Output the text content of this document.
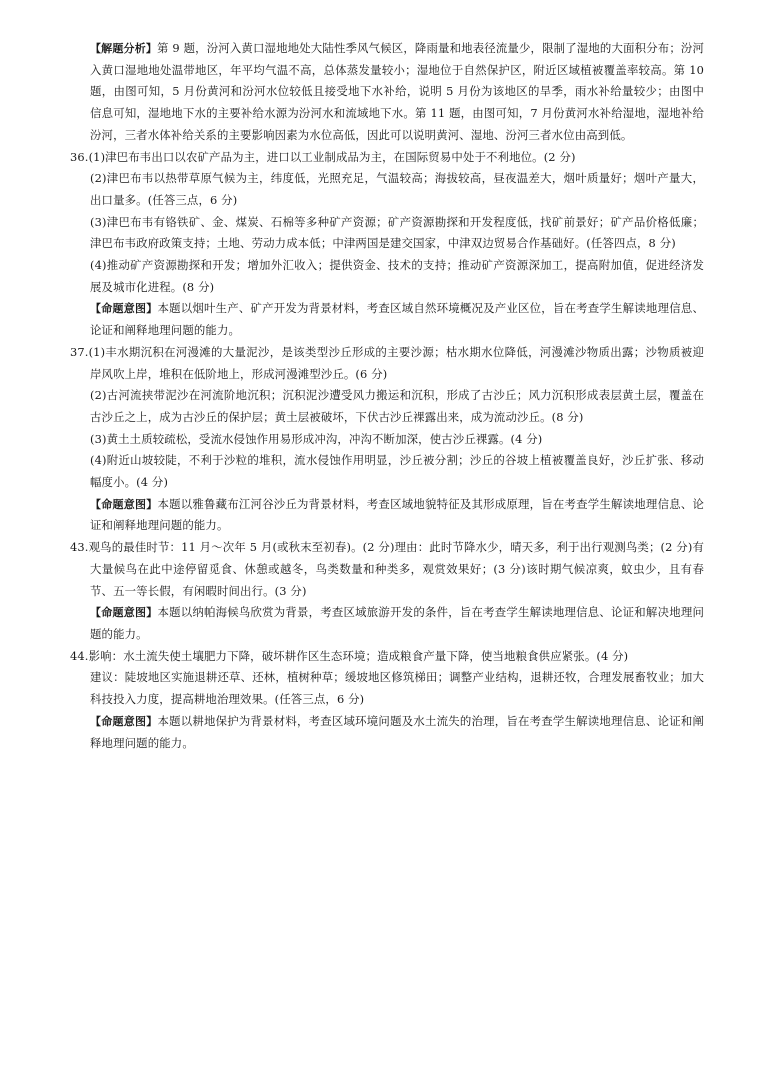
【解题分析】第 9 题，汾河入黄口湿地地处大陆性季风气候区，降雨量和地表径流量少，限制了湿地的大面积分布；汾河入黄口湿地地处温带地区，年平均气温不高，总体蒸发量较小；湿地位于自然保护区，附近区域植被覆盖率较高。第 10 题，由图可知，5 月份黄河和汾河水位较低且接受地下水补给，说明 5 月份为该地区的旱季，雨水补给量较少；由图中信息可知，湿地地下水的主要补给水源为汾河水和流域地下水。第 11 题，由图可知，7 月份黄河水补给湿地，湿地补给汾河，三者水体补给关系的主要影响因素为水位高低，因此可以说明黄河、湿地、汾河三者水位由高到低。

36.(1)津巴布韦出口以农矿产品为主，进口以工业制成品为主，在国际贸易中处于不利地位。(2 分)

(2)津巴布韦以热带草原气候为主，纬度低，光照充足，气温较高；海拔较高，昼夜温差大，烟叶质量好；烟叶产量大，出口量多。(任答三点，6 分)

(3)津巴布韦有铬铁矿、金、煤炭、石棉等多种矿产资源；矿产资源勘探和开发程度低，找矿前景好；矿产品价格低廉；津巴布韦政府政策支持；土地、劳动力成本低；中津两国是建交国家，中津双边贸易合作基础好。(任答四点，8 分)

(4)推动矿产资源勘探和开发；增加外汇收入；提供资金、技术的支持；推动矿产资源深加工，提高附加值，促进经济发展及城市化进程。(8 分)

【命题意图】本题以烟叶生产、矿产开发为背景材料，考查区域自然环境概况及产业区位，旨在考查学生解读地理信息、论证和阐释地理问题的能力。

37.(1)丰水期沉积在河漫滩的大量泥沙，是该类型沙丘形成的主要沙源；枯水期水位降低，河漫滩沙物质出露；沙物质被迎岸风吹上岸，堆积在低阶地上，形成河漫滩型沙丘。(6 分)

(2)古河流挟带泥沙在河流阶地沉积；沉积泥沙遭受风力搬运和沉积，形成了古沙丘；风力沉积形成表层黄土层，覆盖在古沙丘之上，成为古沙丘的保护层；黄土层被破坏，下伏古沙丘裸露出来，成为流动沙丘。(8 分)

(3)黄土土质较疏松，受流水侵蚀作用易形成冲沟，冲沟不断加深，使古沙丘裸露。(4 分)

(4)附近山坡较陡，不利于沙粒的堆积，流水侵蚀作用明显，沙丘被分割；沙丘的谷坡上植被覆盖良好，沙丘扩张、移动幅度小。(4 分)

【命题意图】本题以雅鲁藏布江河谷沙丘为背景材料，考查区域地貌特征及其形成原理，旨在考查学生解读地理信息、论证和阐释地理问题的能力。

43.观鸟的最佳时节：11 月～次年 5 月(或秋末至初春)。(2 分)理由：此时节降水少，晴天多，利于出行观测鸟类；(2 分)有大量候鸟在此中途停留觅食、休憩或越冬，鸟类数量和种类多，观赏效果好；(3 分)该时期气候凉爽，蚊虫少，且有春节、五一等长假，有闲暇时间出行。(3 分)

【命题意图】本题以纳帕海候鸟欣赏为背景，考查区域旅游开发的条件，旨在考查学生解读地理信息、论证和解决地理问题的能力。

44.影响：水土流失使土壤肥力下降，破坏耕作区生态环境；造成粮食产量下降，使当地粮食供应紧张。(4 分)

建议：陡坡地区实施退耕还草、还林，植树种草；缓坡地区修筑梯田；调整产业结构，退耕还牧，合理发展畜牧业；加大科技投入力度，提高耕地治理效果。(任答三点，6 分)

【命题意图】本题以耕地保护为背景材料，考查区域环境问题及水土流失的治理，旨在考查学生解读地理信息、论证和阐释地理问题的能力。
